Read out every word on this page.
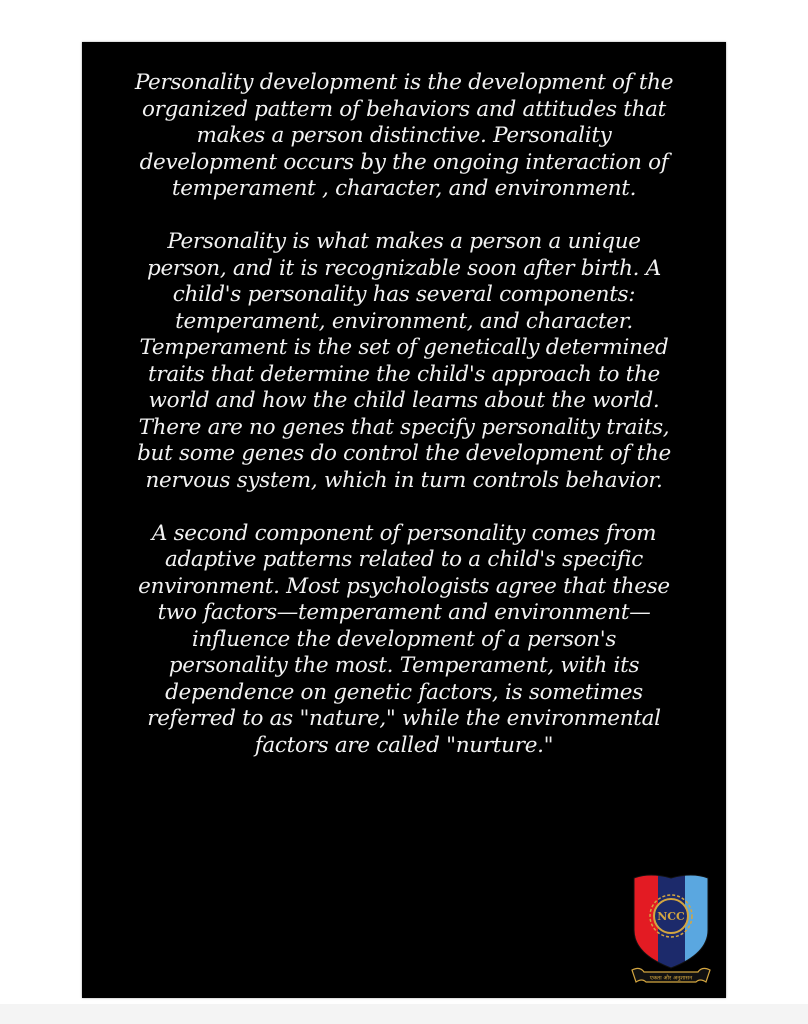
Personality development is the development of the organized pattern of behaviors and attitudes that makes a person distinctive. Personality development occurs by the ongoing interaction of temperament , character, and environment.

Personality is what makes a person a unique person, and it is recognizable soon after birth. A child's personality has several components: temperament, environment, and character. Temperament is the set of genetically determined traits that determine the child's approach to the world and how the child learns about the world. There are no genes that specify personality traits, but some genes do control the development of the nervous system, which in turn controls behavior.

A second component of personality comes from adaptive patterns related to a child's specific environment. Most psychologists agree that these two factors—temperament and environment—influence the development of a person's personality the most. Temperament, with its dependence on genetic factors, is sometimes referred to as "nature," while the environmental factors are called "nurture."

NCC
एकता और अनुशासन
